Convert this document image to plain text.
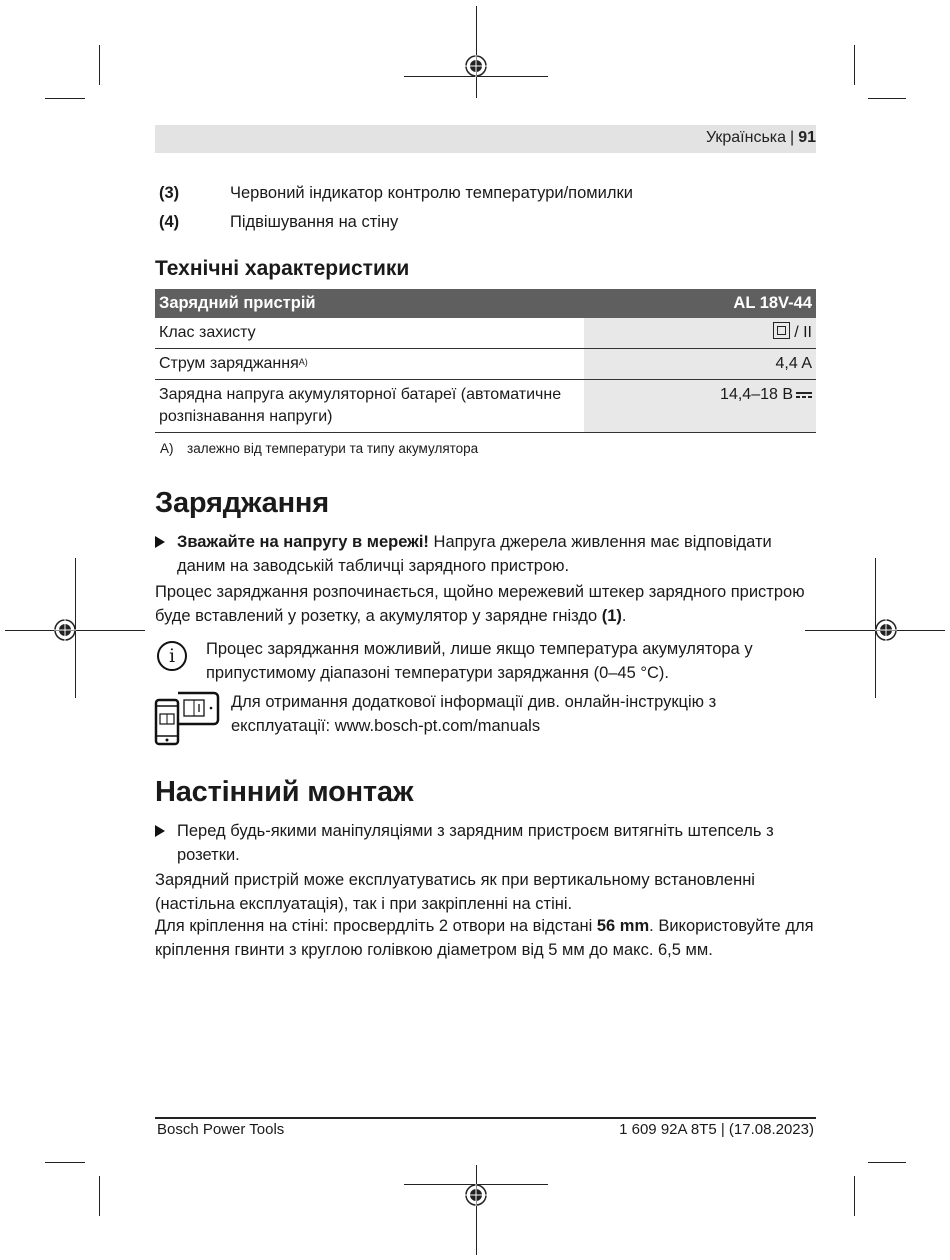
Українська | 91
(3)	Червоний індикатор контролю температури/помилки
(4)	Підвішування на стіну
Технічні характеристики
Зарядний пристрій	AL 18V-44
Клас захисту	/ II
Струм заряджання$^{A)}$	4,4 A
Зарядна напруга акумуляторної батареї (автоматичне розпізнавання напруги)	14,4–18 В
A) залежно від температури та типу акумулятора
Заряджання
Зважайте на напругу в мережі! Напруга джерела живлення має відповідати даним на заводській табличці зарядного пристрою.
Процес заряджання розпочинається, щойно мережевий штекер зарядного пристрою буде вставлений у розетку, а акумулятор у зарядне гніздо (1).
i	Процес заряджання можливий, лише якщо температура акумулятора у припустимому діапазоні температури заряджання (0–45 °C).
Для отримання додаткової інформації див. онлайн-інструкцію з експлуатації: www.bosch-pt.com/manuals
Настінний монтаж
Перед будь-якими маніпуляціями з зарядним пристроєм витягніть штепсель з розетки.
Зарядний пристрій може експлуатуватись як при вертикальному встановленні (настільна експлуатація), так і при закріпленні на стіні.
Для кріплення на стіні: просвердліть 2 отвори на відстані 56 mm. Використовуйте для кріплення гвинти з круглою голівкою діаметром від 5 мм до макс. 6,5 мм.
Bosch Power Tools	1 609 92A 8T5 | (17.08.2023)
